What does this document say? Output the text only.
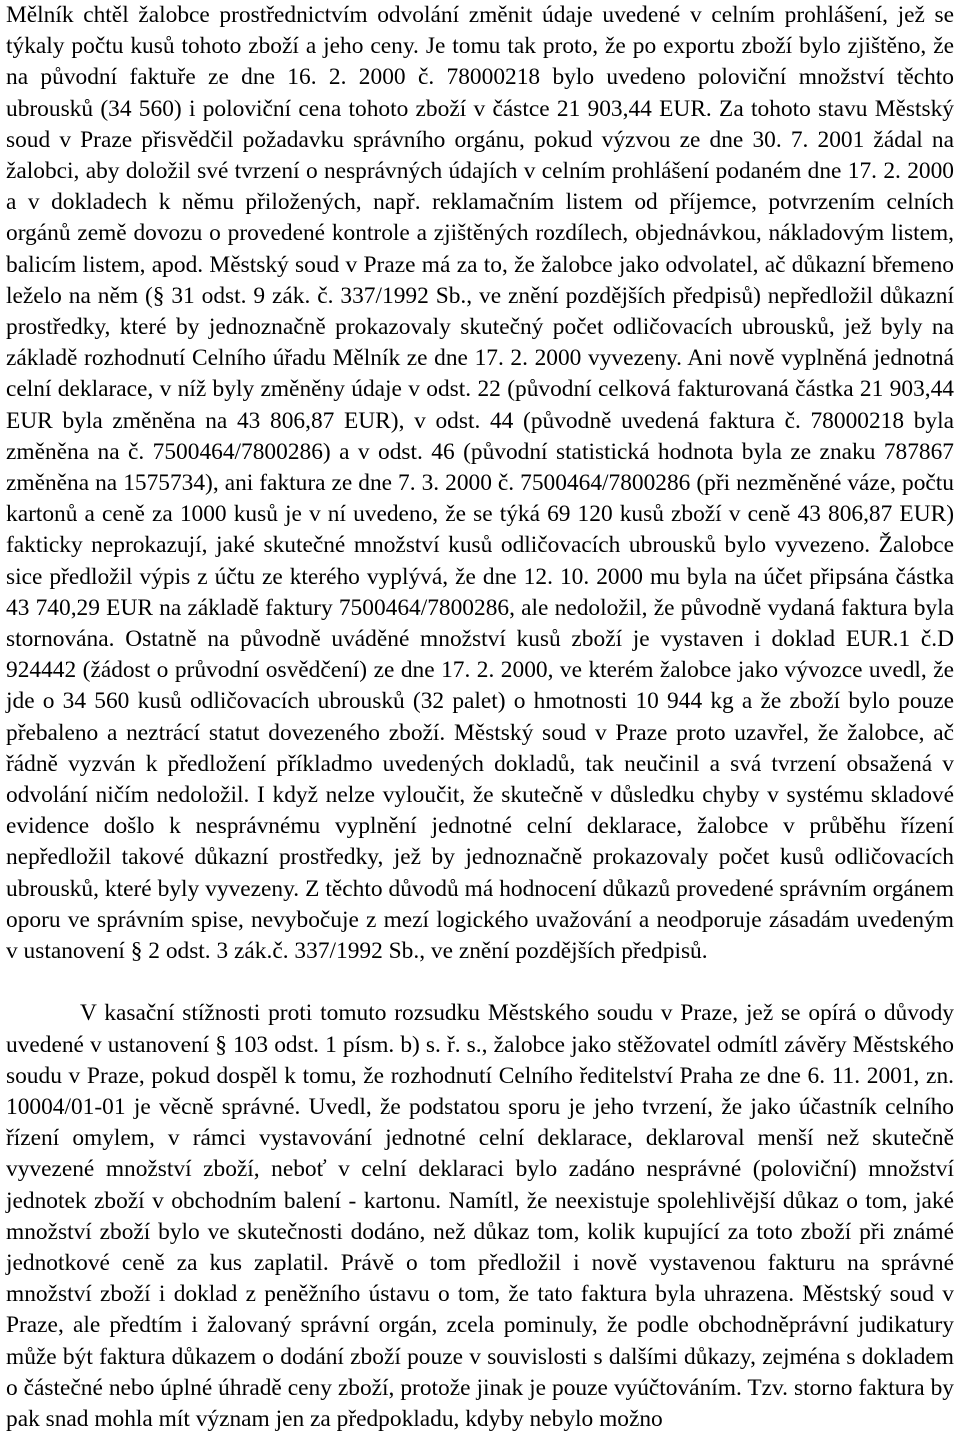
Mělník chtěl žalobce prostřednictvím odvolání změnit údaje uvedené v celním prohlášení, jež se týkaly počtu kusů tohoto zboží a jeho ceny. Je tomu tak proto, že po exportu zboží bylo zjištěno, že na původní faktuře ze dne 16. 2. 2000 č. 78000218 bylo uvedeno poloviční množství těchto ubrousků (34 560) i poloviční cena tohoto zboží v částce 21 903,44 EUR. Za tohoto stavu Městský soud v Praze přisvědčil požadavku správního orgánu, pokud výzvou ze dne 30. 7. 2001 žádal na žalobci, aby doložil své tvrzení o nesprávných údajích v celním prohlášení podaném dne 17. 2. 2000 a v dokladech k němu přiložených, např. reklamačním listem od příjemce, potvrzením celních orgánů země dovozu o provedené kontrole a zjištěných rozdílech, objednávkou, nákladovým listem, balicím listem, apod. Městský soud v Praze má za to, že žalobce jako odvolatel, ač důkazní břemeno leželo na něm (§ 31 odst. 9 zák. č. 337/1992 Sb., ve znění pozdějších předpisů) nepředložil důkazní prostředky, které by jednoznačně prokazovaly skutečný počet odličovacích ubrousků, jež byly na základě rozhodnutí Celního úřadu Mělník ze dne 17. 2. 2000 vyvezeny. Ani nově vyplněná jednotná celní deklarace, v níž byly změněny údaje v odst. 22 (původní celková fakturovaná částka 21 903,44 EUR byla změněna na 43 806,87 EUR), v odst. 44 (původně uvedená faktura č. 78000218 byla změněna na č. 7500464/7800286) a v odst. 46 (původní statistická hodnota byla ze znaku 787867 změněna na 1575734), ani faktura ze dne 7. 3. 2000 č. 7500464/7800286 (při nezměněné váze, počtu kartonů a ceně za 1000 kusů je v ní uvedeno, že se týká 69 120 kusů zboží v ceně 43 806,87 EUR) fakticky neprokazují, jaké skutečné množství kusů odličovacích ubrousků bylo vyvezeno. Žalobce sice předložil výpis z účtu ze kterého vyplývá, že dne 12. 10. 2000 mu byla na účet připsána částka 43 740,29 EUR na základě faktury 7500464/7800286, ale nedoložil, že původně vydaná faktura byla stornována. Ostatně na původně uváděné množství kusů zboží je vystaven i doklad EUR.1 č.D 924442 (žádost o průvodní osvědčení) ze dne 17. 2. 2000, ve kterém žalobce jako vývozce uvedl, že jde o 34 560 kusů odličovacích ubrousků (32 palet) o hmotnosti 10 944 kg a že zboží bylo pouze přebaleno a neztrácí statut dovezeného zboží. Městský soud v Praze proto uzavřel, že žalobce, ač řádně vyzván k předložení příkladmo uvedených dokladů, tak neučinil a svá tvrzení obsažená v odvolání ničím nedoložil. I když nelze vyloučit, že skutečně v důsledku chyby v systému skladové evidence došlo k nesprávnému vyplnění jednotné celní deklarace, žalobce v průběhu řízení nepředložil takové důkazní prostředky, jež by jednoznačně prokazovaly počet kusů odličovacích ubrousků, které byly vyvezeny. Z těchto důvodů má hodnocení důkazů provedené správním orgánem oporu ve správním spise, nevybočuje z mezí logického uvažování a neodporuje zásadám uvedeným v ustanovení § 2 odst. 3 zák.č. 337/1992 Sb., ve znění pozdějších předpisů.

V kasační stížnosti proti tomuto rozsudku Městského soudu v Praze, jež se opírá o důvody uvedené v ustanovení § 103 odst. 1 písm. b) s. ř. s., žalobce jako stěžovatel odmítl závěry Městského soudu v Praze, pokud dospěl k tomu, že rozhodnutí Celního ředitelství Praha ze dne 6. 11. 2001, zn. 10004/01-01 je věcně správné. Uvedl, že podstatou sporu je jeho tvrzení, že jako účastník celního řízení omylem, v rámci vystavování jednotné celní deklarace, deklaroval menší než skutečně vyvezené množství zboží, neboť v celní deklaraci bylo zadáno nesprávné (poloviční) množství jednotek zboží v obchodním balení - kartonu. Namítl, že neexistuje spolehlivější důkaz o tom, jaké množství zboží bylo ve skutečnosti dodáno, než důkaz tom, kolik kupující za toto zboží při známé jednotkové ceně za kus zaplatil. Právě o tom předložil i nově vystavenou fakturu na správné množství zboží i doklad z peněžního ústavu o tom, že tato faktura byla uhrazena. Městský soud v Praze, ale předtím i žalovaný správní orgán, zcela pominuly, že podle obchodněprávní judikatury může být faktura důkazem o dodání zboží pouze v souvislosti s dalšími důkazy, zejména s dokladem o částečné nebo úplné úhradě ceny zboží, protože jinak je pouze vyúčtováním. Tzv. storno faktura by pak snad mohla mít význam jen za předpokladu, kdyby nebylo možno
